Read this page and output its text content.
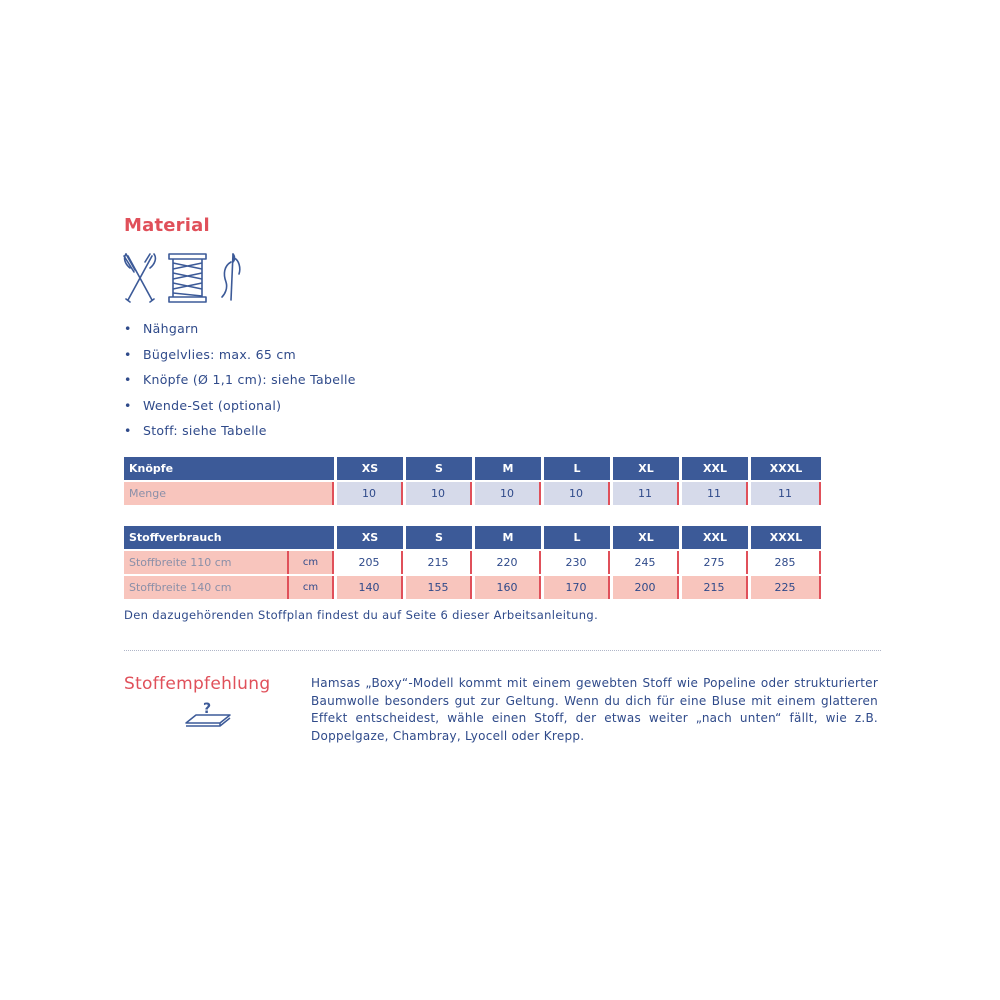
Material
• Nähgarn
• Bügelvlies: max. 65 cm
• Knöpfe (Ø 1,1 cm): siehe Tabelle
• Wende-Set (optional)
• Stoff: siehe Tabelle
Knöpfe		XS		S		M		L		XL		XXL		XXXL

Menge		10		10		10		10		11		11		11
Stoffverbrauch			XS		S		M		L		XL		XXL		XXXL

Stoffbreite 110 cm	cm		205		215		220		230		245		275		285

Stoffbreite 140 cm	cm		140		155		160		170		200		215		225
Den dazugehörenden Stoffplan findest du auf Seite 6 dieser Arbeitsanleitung.
Stoffempfehlung
?
Hamsas „Boxy“-Modell kommt mit einem gewebten Stoff wie Popeline oder strukturierter Baumwolle besonders gut zur Geltung. Wenn du dich für eine Bluse mit einem glatteren Effekt entscheidest, wähle einen Stoff, der etwas weiter „nach unten“ fällt, wie z.B. Doppelgaze, Chambray, Lyocell oder Krepp.
